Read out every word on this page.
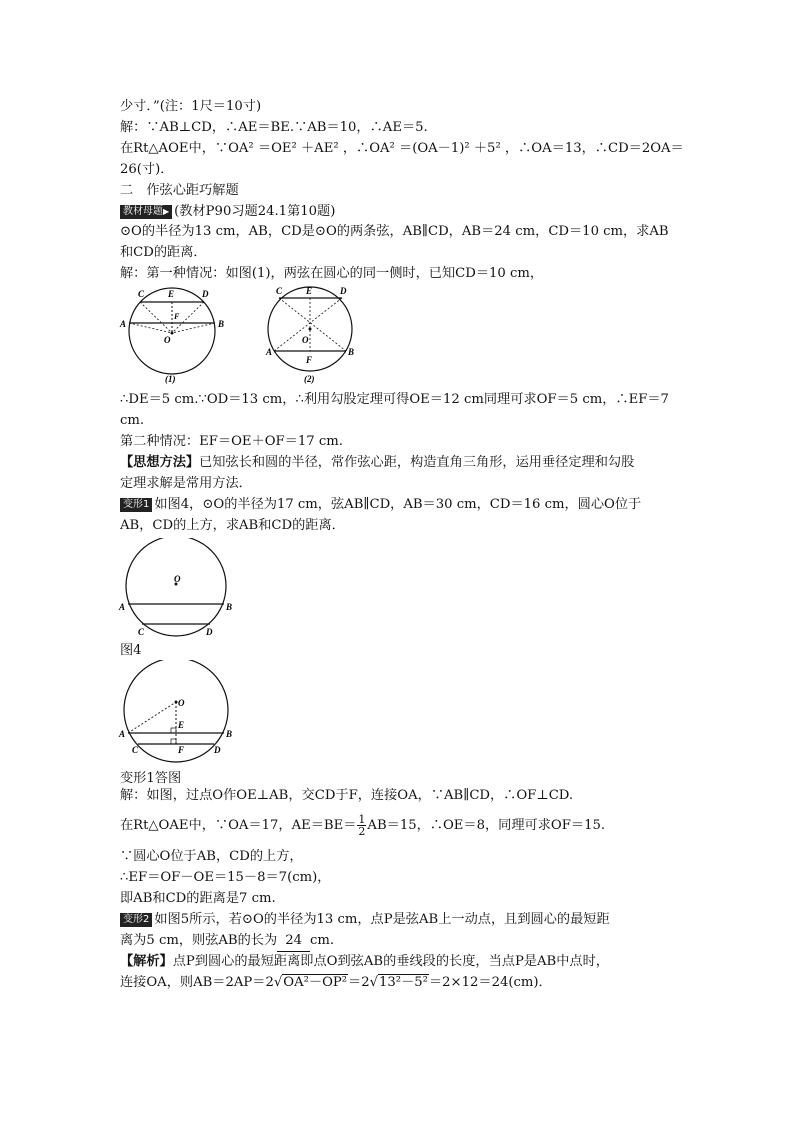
少寸．”(注：1尺＝10寸)
解：∵AB⊥CD，∴AE＝BE.∵AB＝10，∴AE＝5.
在Rt△AOE中，∵OA² ＝OE² ＋AE² ，∴OA² ＝(OA－1)² ＋5² ，∴OA＝13，∴CD＝2OA＝
26(寸)．
二　作弦心距巧解题
教材母题▶ (教材P90习题24.1第10题)
⊙O的半径为13 cm，AB，CD是⊙O的两条弦，AB∥CD，AB＝24 cm，CD＝10 cm，求AB
和CD的距离．
解：第一种情况：如图(1)，两弦在圆心的同一侧时，已知CD＝10 cm，
C	E	D
A	B
F
O
(1)
C	E	D
A	B
O
F
(2)
∴DE＝5 cm.∵OD＝13 cm，∴利用勾股定理可得OE＝12 cm同理可求OF＝5 cm，∴EF＝7
cm.
第二种情况：EF＝OE＋OF＝17 cm.
【思想方法】已知弦长和圆的半径，常作弦心距，构造直角三角形，运用垂径定理和勾股
定理求解是常用方法．
变形1 如图4，⊙O的半径为17 cm，弦AB∥CD，AB＝30 cm，CD＝16 cm，圆心O位于
AB，CD的上方，求AB和CD的距离．
O
A	B
C	D
图4
O
E
F
A	B
C	D
变形1答图
解：如图，过点O作OE⊥AB，交CD于F，连接OA，∵AB∥CD，∴OF⊥CD.
在Rt△OAE中，∵OA＝17，$AE=BE= \frac{1}{2} AB=15$，∴OE＝8，同理可求OF＝15.
∵圆心O位于AB，CD的上方，
∴EF＝OF－OE＝15－8＝7(cm)，
即AB和CD的距离是7 cm.
变形2 如图5所示，若⊙O的半径为13 cm，点P是弦AB上一动点，且到圆心的最短距
离为5 cm，则弦AB的长为 24 cm.
【解析】点P到圆心的最短距离即点O到弦AB的垂线段的长度，当点P是AB中点时，
连接OA，则AB＝2AP＝2√OA²－OP²＝2√13²－5²＝2×12＝24(cm)．
